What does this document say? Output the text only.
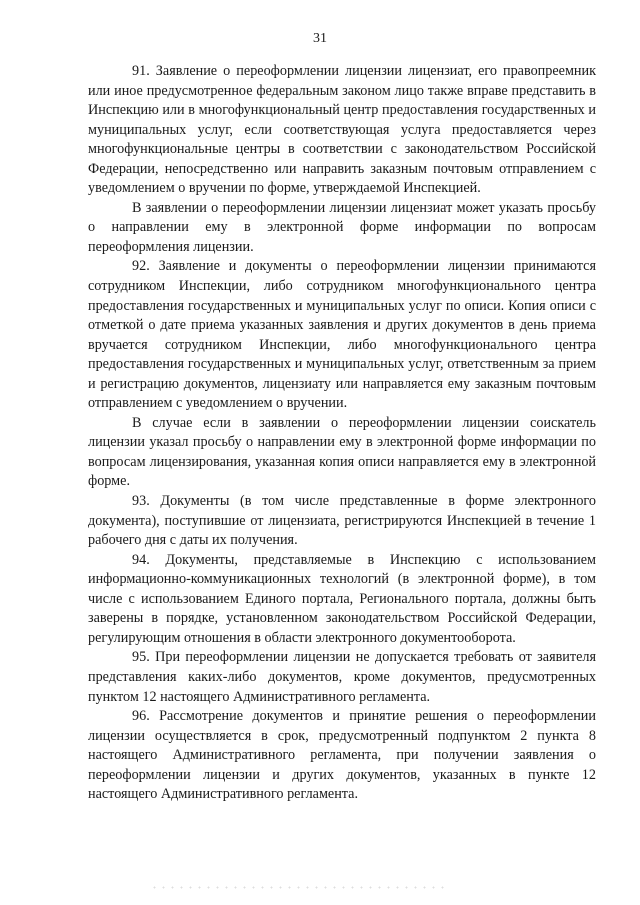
31

91. Заявление о переоформлении лицензии лицензиат, его правопреемник или иное предусмотренное федеральным законом лицо также вправе представить в Инспекцию или в многофункциональный центр предоставления государственных и муниципальных услуг, если соответствующая услуга предоставляется через многофункциональные центры в соответствии с законодательством Российской Федерации, непосредственно или направить заказным почтовым отправлением с уведомлением о вручении по форме, утверждаемой Инспекцией.

В заявлении о переоформлении лицензии лицензиат может указать просьбу о направлении ему в электронной форме информации по вопросам переоформления лицензии.

92. Заявление и документы о переоформлении лицензии принимаются сотрудником Инспекции, либо сотрудником многофункционального центра предоставления государственных и муниципальных услуг по описи. Копия описи с отметкой о дате приема указанных заявления и других документов в день приема вручается сотрудником Инспекции, либо многофункционального центра предоставления государственных и муниципальных услуг, ответственным за прием и регистрацию документов, лицензиату или направляется ему заказным почтовым отправлением с уведомлением о вручении.

В случае если в заявлении о переоформлении лицензии соискатель лицензии указал просьбу о направлении ему в электронной форме информации по вопросам лицензирования, указанная копия описи направляется ему в электронной форме.

93. Документы (в том числе представленные в форме электронного документа), поступившие от лицензиата, регистрируются Инспекцией в течение 1 рабочего дня с даты их получения.

94. Документы, представляемые в Инспекцию с использованием информационно-коммуникационных технологий (в электронной форме), в том числе с использованием Единого портала, Регионального портала, должны быть заверены в порядке, установленном законодательством Российской Федерации, регулирующим отношения в области электронного документооборота.

95. При переоформлении лицензии не допускается требовать от заявителя представления каких-либо документов, кроме документов, предусмотренных пунктом 12 настоящего Административного регламента.

96. Рассмотрение документов и принятие решения о переоформлении лицензии осуществляется в срок, предусмотренный подпунктом 2 пункта 8 настоящего Административного регламента, при получении заявления о переоформлении лицензии и других документов, указанных в пункте 12 настоящего Административного регламента.
